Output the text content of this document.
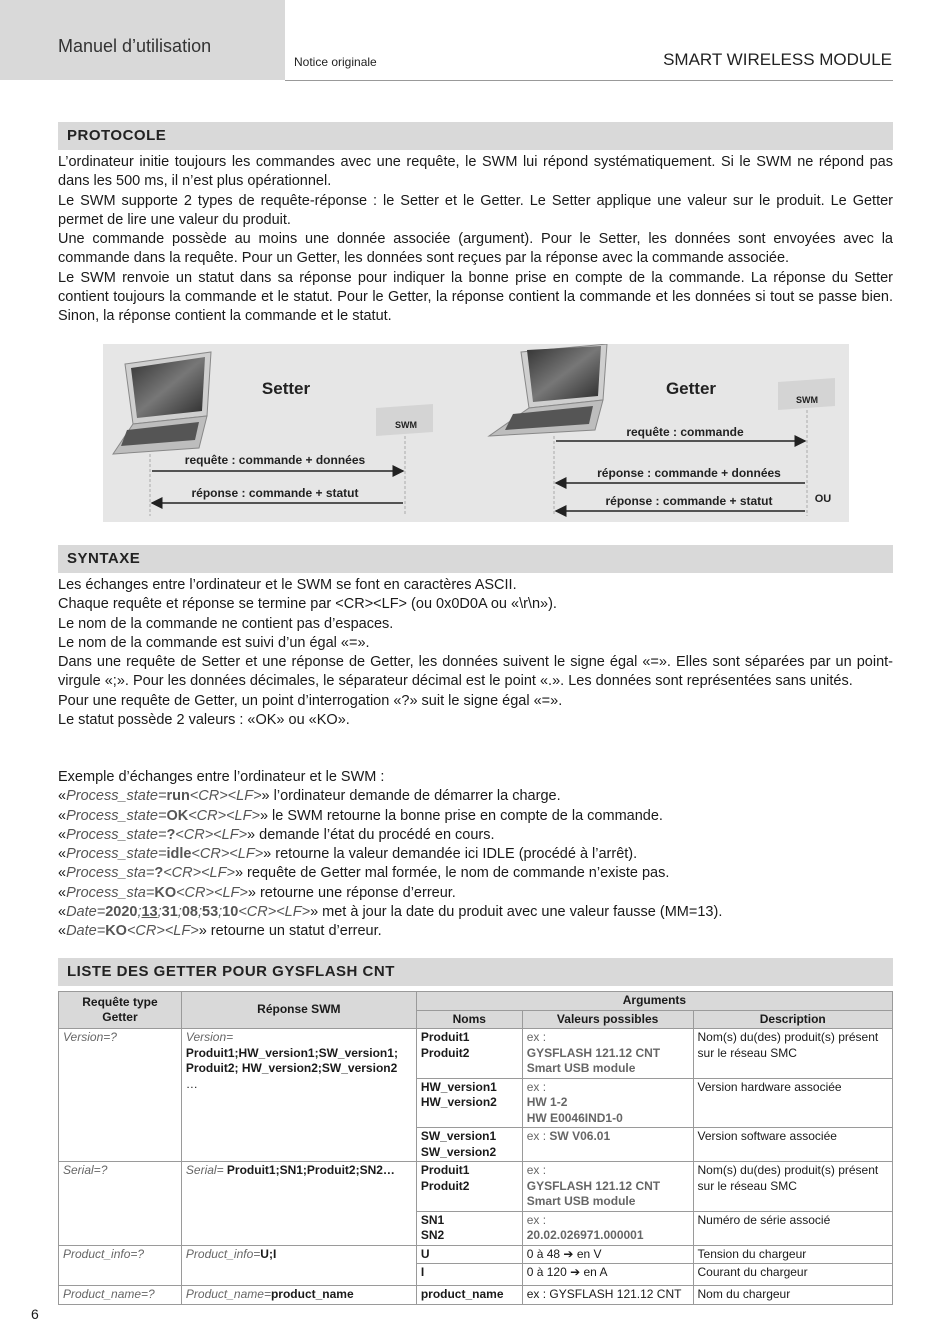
Manuel d’utilisation
Notice originale	SMART WIRELESS MODULE
PROTOCOLE

L’ordinateur initie toujours les commandes avec une requête, le SWM lui répond systématiquement. Si le SWM ne répond pas dans les 500 ms, il n’est plus opérationnel.

Le SWM supporte 2 types de requête-réponse : le Setter et le Getter. Le Setter applique une valeur sur le produit. Le Getter permet de lire une valeur du produit.

Une commande possède au moins une donnée associée (argument). Pour le Setter, les données sont envoyées avec la commande dans la requête. Pour un Getter, les données sont reçues par la réponse avec la commande associée.

Le SWM renvoie un statut dans sa réponse pour indiquer la bonne prise en compte de la commande. La réponse du Setter contient toujours la commande et le statut. Pour le Getter, la réponse contient la commande et les données si tout se passe bien. Sinon, la réponse contient la commande et le statut.

Setter
SWM
requête : commande + données
réponse : commande + statut
Getter
SWM
requête : commande
réponse : commande + données
réponse : commande + statut	OU
SYNTAXE

Les échanges entre l’ordinateur et le SWM se font en caractères ASCII.

Chaque requête et réponse se termine par <CR><LF> (ou 0x0D0A ou «\r\n»).

Le nom de la commande ne contient pas d’espaces.

Le nom de la commande est suivi d’un égal «=».

Dans une requête de Setter et une réponse de Getter, les données suivent le signe égal «=». Elles sont séparées par un point-virgule «;». Pour les données décimales, le séparateur décimal est le point «.». Les données sont représentées sans unités.

Pour une requête de Getter, un point d’interrogation «?» suit le signe égal «=».

Le statut possède 2 valeurs : «OK» ou «KO».

Exemple d’échanges entre l’ordinateur et le SWM :

«Process_state=run<CR><LF>» l’ordinateur demande de démarrer la charge.

«Process_state=OK<CR><LF>» le SWM retourne la bonne prise en compte de la commande.

«Process_state=?<CR><LF>» demande l’état du procédé en cours.

«Process_state=idle<CR><LF>» retourne la valeur demandée ici IDLE (procédé à l’arrêt).

«Process_sta=?<CR><LF>» requête de Getter mal formée, le nom de commande n’existe pas.

«Process_sta=KO<CR><LF>» retourne une réponse d’erreur.

«Date=2020;13;31;08;53;10<CR><LF>» met à jour la date du produit avec une valeur fausse (MM=13).

«Date=KO<CR><LF>» retourne un statut d’erreur.

LISTE DES GETTER POUR GYSFLASH CNT
Requête type Getter	Réponse SWM	Arguments		
		Noms	Valeurs possibles	Description
Version=?	Version=
Produit1;HW_version1;SW_version1;
Produit2; HW_version2;SW_version2
…	Produit1
Produit2	ex :
GYSFLASH 121.12 CNT
Smart USB module	Nom(s) du(des) produit(s) présent sur le réseau SMC
		HW_version1
HW_version2	ex :
HW 1-2
HW E0046IND1-0	Version hardware associée
		SW_version1
SW_version2	ex : SW V06.01	Version software associée
Serial=?	Serial= Produit1;SN1;Produit2;SN2…	Produit1
Produit2	ex :
GYSFLASH 121.12 CNT
Smart USB module	Nom(s) du(des) produit(s) présent sur le réseau SMC
		SN1
SN2	ex :
20.02.026971.000001	Numéro de série associé
Product_info=?	Product_info=U;I	U	0 à 48 ➔ en V	Tension du chargeur
		I	0 à 120 ➔ en A	Courant du chargeur
Product_name=?	Product_name=product_name	product_name	ex : GYSFLASH 121.12 CNT	Nom du chargeur
6
